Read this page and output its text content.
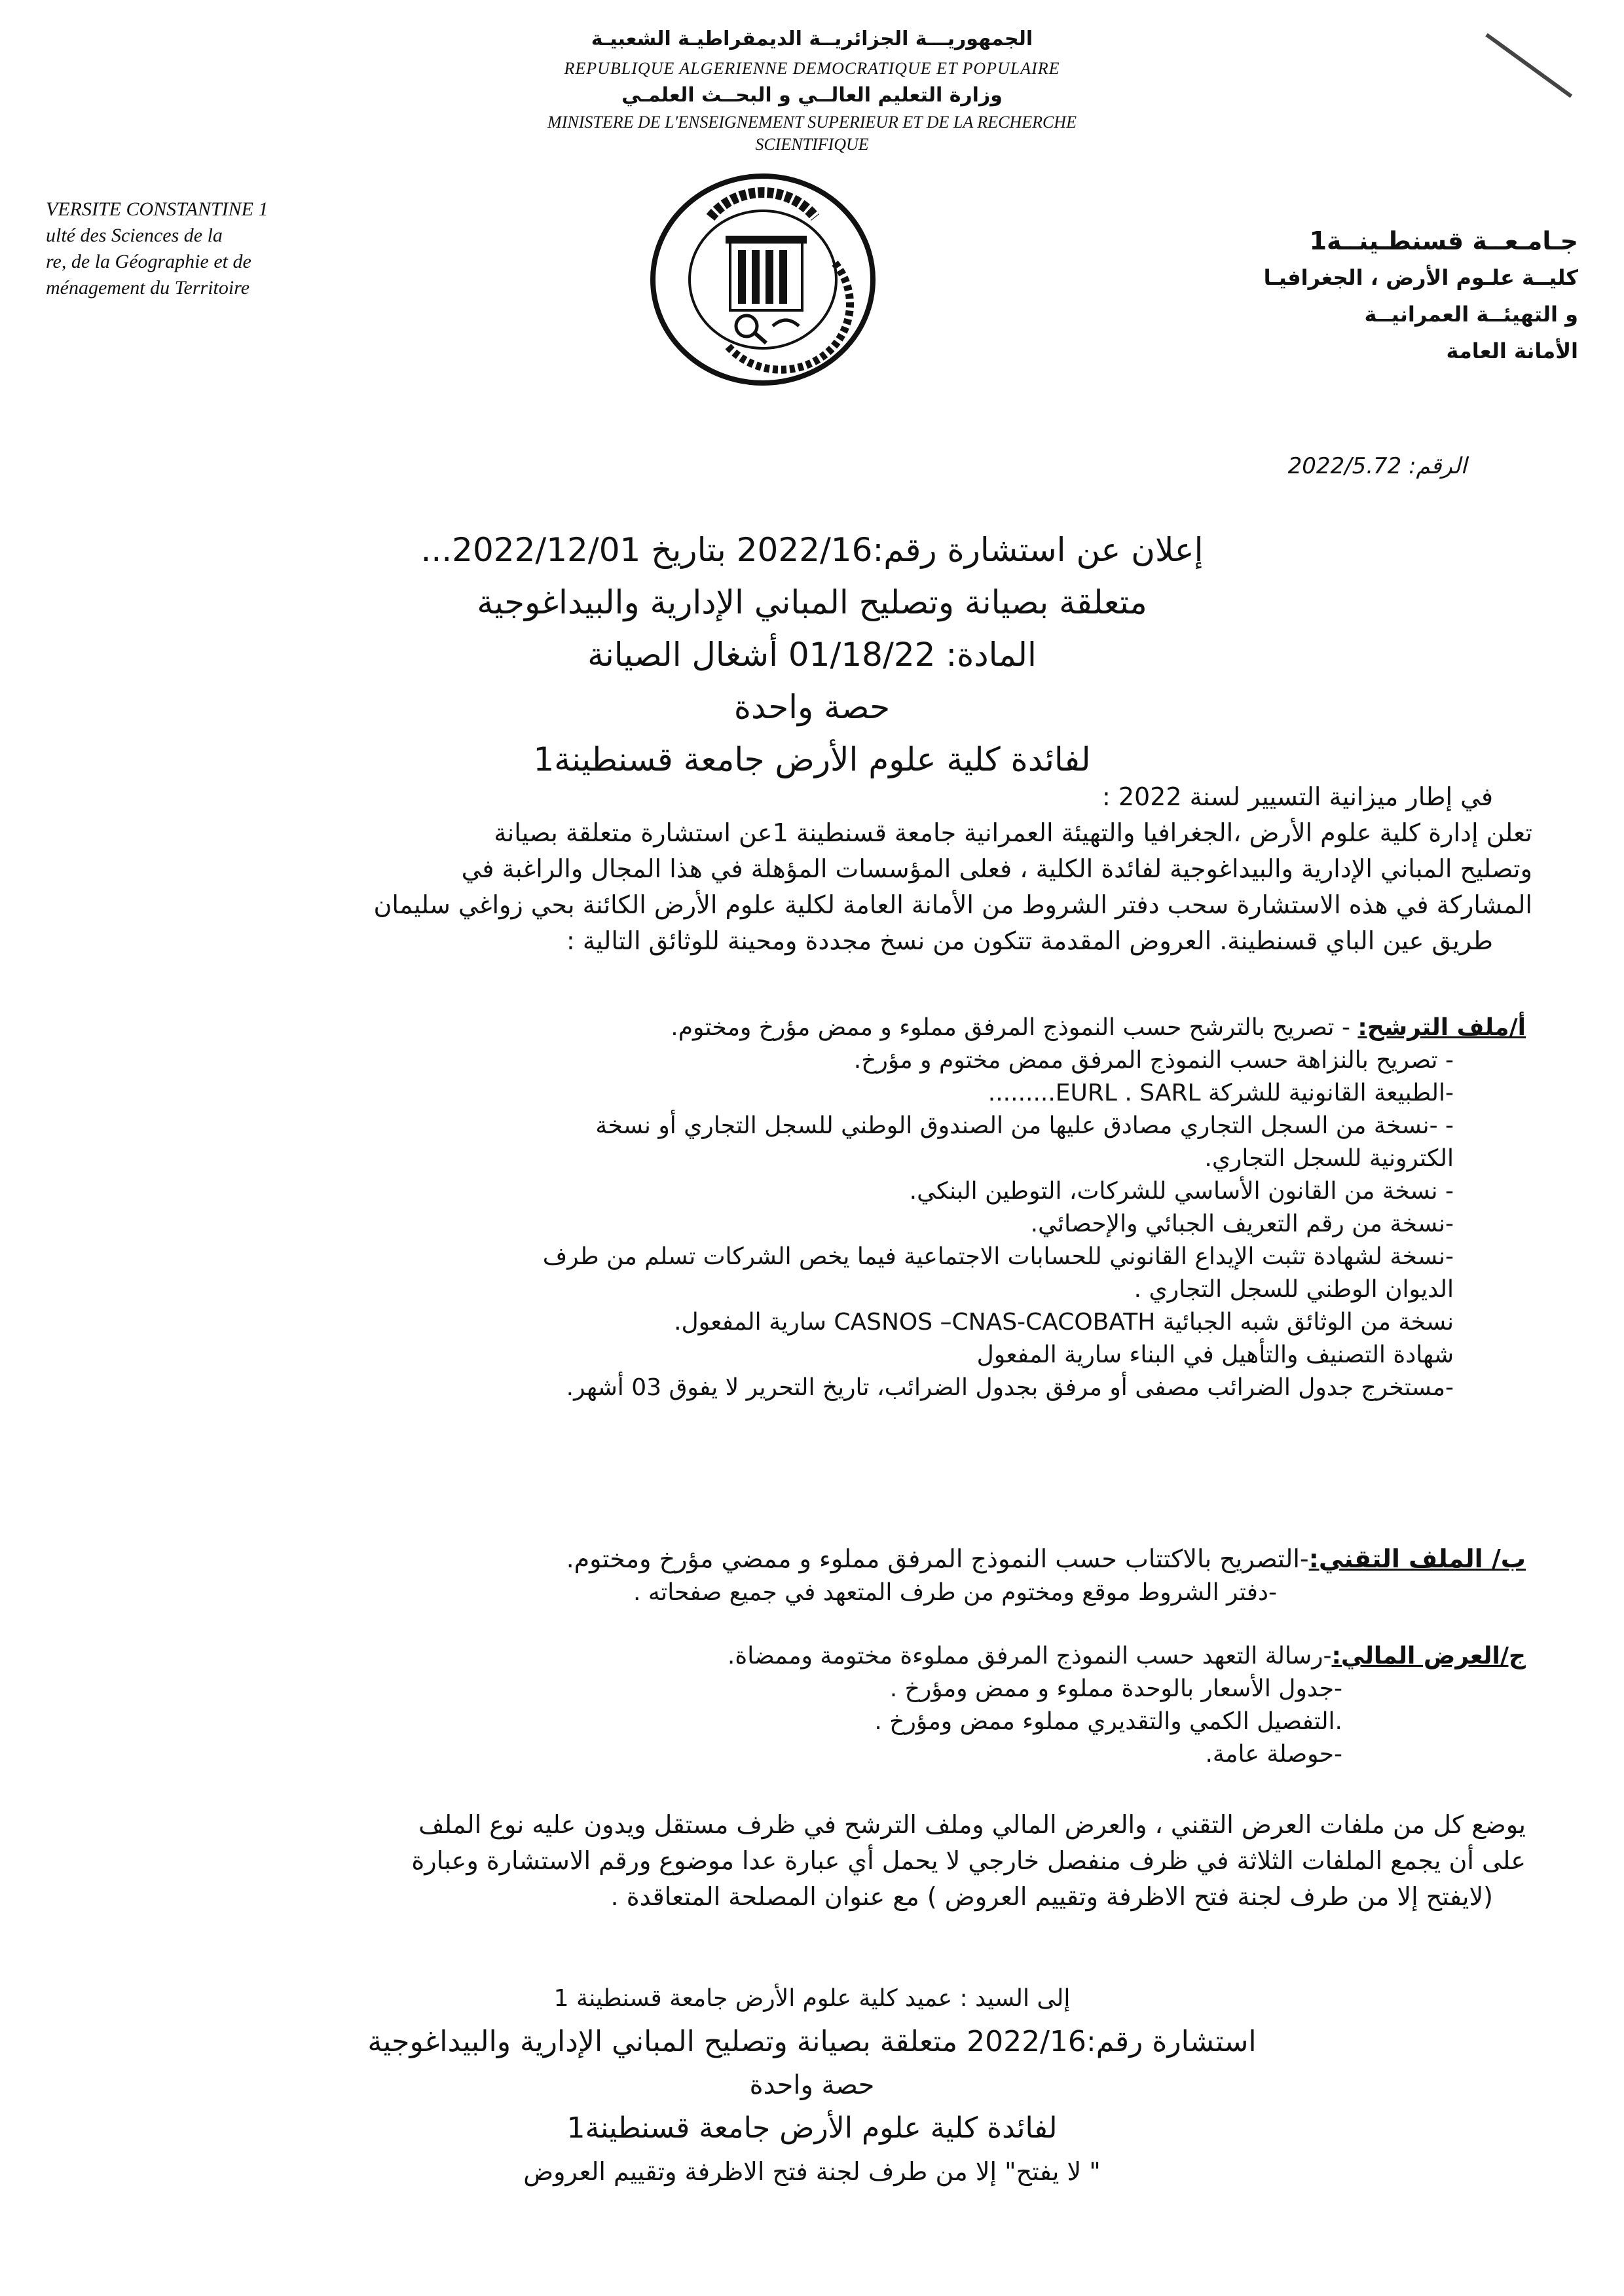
الجمهوريـــة الجزائريــة الديمقراطيـة الشعبيـة
REPUBLIQUE ALGERIENNE DEMOCRATIQUE ET POPULAIRE
وزارة التعليم العالــي و البحــث العلمـي
MINISTERE DE L'ENSEIGNEMENT SUPERIEUR ET DE LA RECHERCHE
SCIENTIFIQUE
VERSITE CONSTANTINE 1
ulté des Sciences de la
re, de la Géographie et de
ménagement du Territoire
جـامـعــة قسنطـينــة1
كليــة علـوم الأرض ، الجغرافيـا
و التهيئــة العمرانيــة
الأمانة العامة
الرقم: 2022/5.72
إعلان عن استشارة رقم:2022/16 بتاريخ 2022/12/01...
متعلقة بصيانة وتصليح المباني الإدارية والبيداغوجية
المادة: 01/18/22 أشغال الصيانة
حصة واحدة
لفائدة كلية علوم الأرض جامعة قسنطينة1
في إطار ميزانية التسيير لسنة 2022 :
تعلن إدارة كلية علوم الأرض ،الجغرافيا والتهيئة العمرانية جامعة قسنطينة 1عن استشارة متعلقة بصيانة
وتصليح المباني الإدارية والبيداغوجية لفائدة الكلية ، فعلى المؤسسات المؤهلة في هذا المجال والراغبة في
المشاركة في هذه الاستشارة سحب دفتر الشروط من الأمانة العامة لكلية علوم الأرض الكائنة بحي زواغي سليمان
طريق عين الباي قسنطينة. العروض المقدمة تتكون من نسخ مجددة ومحينة للوثائق التالية :
أ/ملف الترشح: - تصريح بالترشح حسب النموذج المرفق مملوء و ممض مؤرخ ومختوم.
- تصريح بالنزاهة حسب النموذج المرفق ممض مختوم و مؤرخ.
-الطبيعة القانونية للشركة EURL . SARL.........
- -نسخة من السجل التجاري مصادق عليها من الصندوق الوطني للسجل التجاري أو نسخة
الكترونية للسجل التجاري.
- نسخة من القانون الأساسي للشركات، التوطين البنكي.
-نسخة من رقم التعريف الجبائي والإحصائي.
-نسخة لشهادة تثبت الإيداع القانوني للحسابات الاجتماعية فيما يخص الشركات تسلم من طرف
الديوان الوطني للسجل التجاري .
نسخة من الوثائق شبه الجبائية CASNOS –CNAS-CACOBATH سارية المفعول.
شهادة التصنيف والتأهيل في البناء سارية المفعول
-مستخرج جدول الضرائب مصفى أو مرفق بجدول الضرائب، تاريخ التحرير لا يفوق 03 أشهر.
ب/ الملف التقني:-التصريح بالاكتتاب حسب النموذج المرفق مملوء و ممضي مؤرخ ومختوم.
-دفتر الشروط موقع ومختوم من طرف المتعهد في جميع صفحاته .
ج/العرض المالي:-رسالة التعهد حسب النموذج المرفق مملوءة مختومة وممضاة.
-جدول الأسعار بالوحدة مملوء و ممض ومؤرخ .
.التفصيل الكمي والتقديري مملوء ممض ومؤرخ .
-حوصلة عامة.
يوضع كل من ملفات العرض التقني ، والعرض المالي وملف الترشح في ظرف مستقل ويدون عليه نوع الملف
على أن يجمع الملفات الثلاثة في ظرف منفصل خارجي لا يحمل أي عبارة عدا موضوع ورقم الاستشارة وعبارة
(لايفتح إلا من طرف لجنة فتح الاظرفة وتقييم العروض ) مع عنوان المصلحة المتعاقدة .
إلى السيد : عميد كلية علوم الأرض جامعة قسنطينة 1
استشارة رقم:2022/16 متعلقة بصيانة وتصليح المباني الإدارية والبيداغوجية
حصة واحدة
لفائدة كلية علوم الأرض جامعة قسنطينة1
" لا يفتح" إلا من طرف لجنة فتح الاظرفة وتقييم العروض
